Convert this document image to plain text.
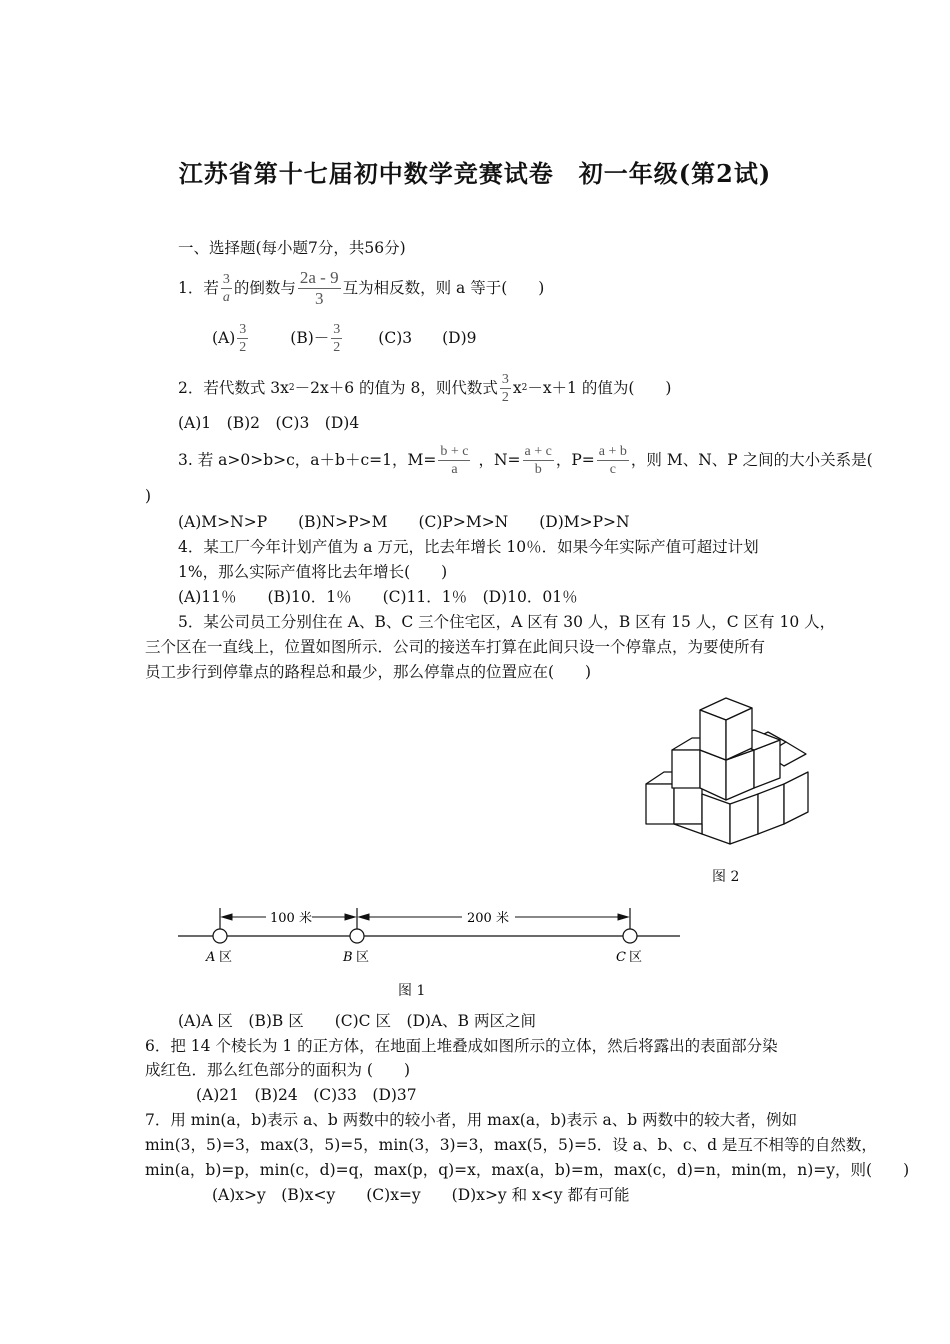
江苏省第十七届初中数学竞赛试卷　初一年级(第2试)
一、选择题(每小题7分，共56分)
1．若 $\frac{3}{a}$ 的倒数与 $\frac{2a - 9}{3}$ 互为相反数，则 a 等于(　　)
$(A) \frac{3}{2}$	$(B)- \frac{3}{2} (C)3$ (D)9
2．若代数式 3x 2 －2x＋6 的值为 8，则代数式 $\frac{3}{2}$ x 2 －x＋1 的值为(　　)
(A)1　(B)2　(C)3　(D)4
3. 若 a>0>b>c，a＋b＋c=1，$M= \frac{b + c}{a}$ ，$N= \frac{a + c}{b}$ ，$P= \frac{a + b}{c}$ ，则 M、N、P 之间的大小关系是(
)
(A)M>N>P　　(B)N>P>M　　(C)P>M>N　　(D)M>P>N
4．某工厂今年计划产值为 a 万元，比去年增长 10％．如果今年实际产值可超过计划
1%，那么实际产值将比去年增长(　　)
(A)11％　　(B)10．1％　　(C)11．1％　(D)10．01％
5．某公司员工分别住在 A、B、C 三个住宅区，A 区有 30 人，B 区有 15 人，C 区有 10 人，
三个区在一直线上，位置如图所示．公司的接送车打算在此间只设一个停靠点，为要使所有
员工步行到停靠点的路程总和最少，那么停靠点的位置应在(　　)
图 2
100 米	200 米
A 区	B 区	C 区
图 1
(A)A 区　(B)B 区　　(C)C 区　(D)A、B 两区之间
6．把 14 个棱长为 1 的正方体，在地面上堆叠成如图所示的立体，然后将露出的表面部分染
成红色．那么红色部分的面积为 (　　)
(A)21　(B)24　(C)33　(D)37
7．用 min(a，b)表示 a、b 两数中的较小者，用 max(a，b)表示 a、b 两数中的较大者，例如
min(3，5)=3，max(3，5)=5，min(3，3)=3，max(5，5)=5．设 a、b、c、d 是互不相等的自然数，
min(a，b)=p，min(c，d)=q，max(p，q)=x，max(a，b)=m，max(c，d)=n，min(m，n)=y，则(　　)
(A)x>y　(B)x<y　　(C)x=y　　(D)x>y 和 x<y 都有可能
